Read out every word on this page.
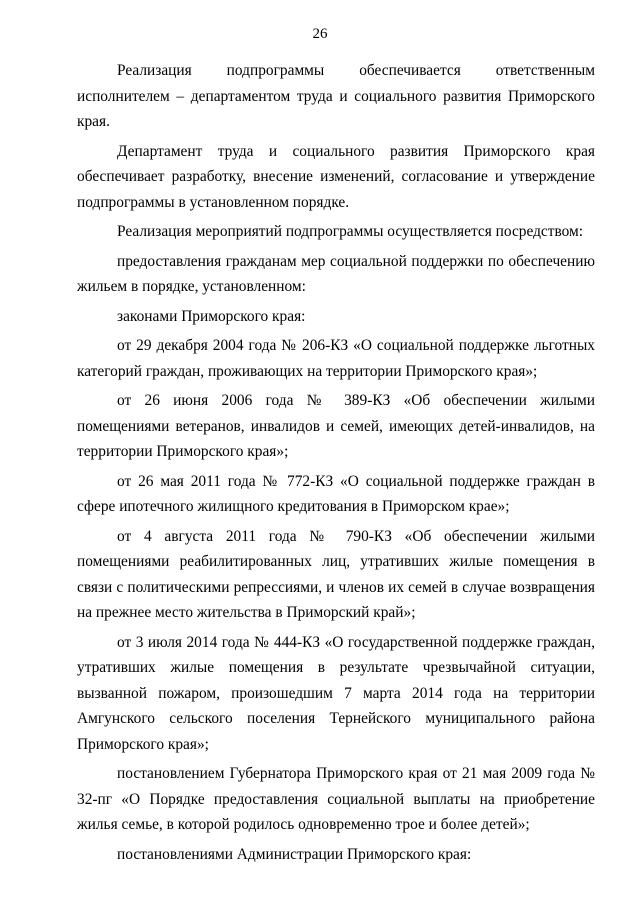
26

Реализация подпрограммы обеспечивается ответственным исполнителем – департаментом труда и социального развития Приморского края.

Департамент труда и социального развития Приморского края обеспечивает разработку, внесение изменений, согласование и утверждение подпрограммы в установленном порядке.

Реализация мероприятий подпрограммы осуществляется посредством:

предоставления гражданам мер социальной поддержки по обеспечению жильем в порядке, установленном:

законами Приморского края:

от 29 декабря 2004 года № 206-КЗ «О социальной поддержке льготных категорий граждан, проживающих на территории Приморского края»;

от 26 июня 2006 года № 389-КЗ «Об обеспечении жилыми помещениями ветеранов, инвалидов и семей, имеющих детей-инвалидов, на территории Приморского края»;

от 26 мая 2011 года № 772-КЗ «О социальной поддержке граждан в сфере ипотечного жилищного кредитования в Приморском крае»;

от 4 августа 2011 года № 790-КЗ «Об обеспечении жилыми помещениями реабилитированных лиц, утративших жилые помещения в связи с политическими репрессиями, и членов их семей в случае возвращения на прежнее место жительства в Приморский край»;

от 3 июля 2014 года № 444-КЗ «О государственной поддержке граждан, утративших жилые помещения в результате чрезвычайной ситуации, вызванной пожаром, произошедшим 7 марта 2014 года на территории Амгунского сельского поселения Тернейского муниципального района Приморского края»;

постановлением Губернатора Приморского края от 21 мая 2009 года № 32-пг «О Порядке предоставления социальной выплаты на приобретение жилья семье, в которой родилось одновременно трое и более детей»;

постановлениями Администрации Приморского края:
